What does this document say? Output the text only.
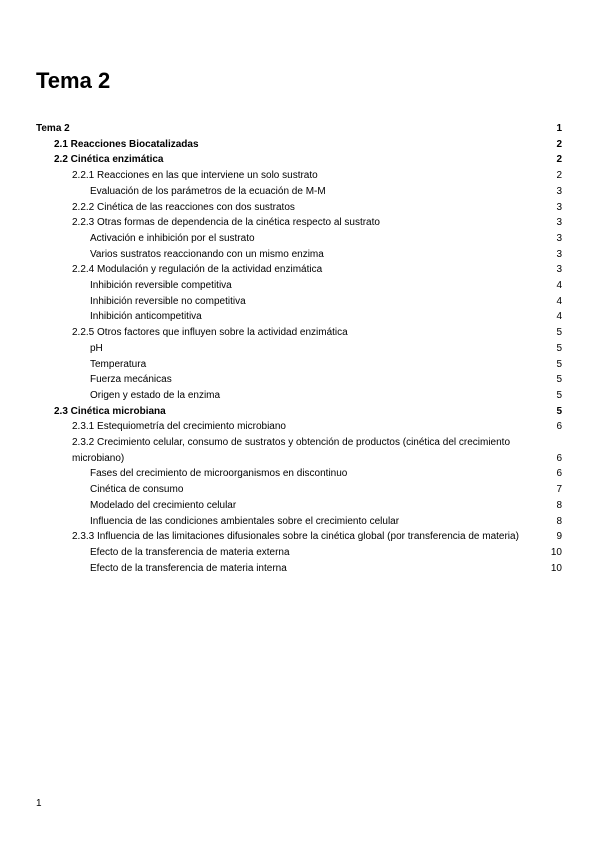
Tema 2
Tema 2	1
2.1 Reacciones Biocatalizadas	2
2.2 Cinética enzimática	2
2.2.1 Reacciones en las que interviene un solo sustrato	2
Evaluación de los parámetros de la ecuación de M-M	3
2.2.2 Cinética de las reacciones con dos sustratos	3
2.2.3 Otras formas de dependencia de la cinética respecto al sustrato	3
Activación e inhibición por el sustrato	3
Varios sustratos reaccionando con un mismo enzima	3
2.2.4 Modulación y regulación de la actividad enzimática	3
Inhibición reversible competitiva	4
Inhibición reversible no competitiva	4
Inhibición anticompetitiva	4
2.2.5 Otros factores que influyen sobre la actividad enzimática	5
pH	5
Temperatura	5
Fuerza mecánicas	5
Origen y estado de la enzima	5
2.3 Cinética microbiana	5
2.3.1 Estequiometría del crecimiento microbiano	6
2.3.2 Crecimiento celular, consumo de sustratos y obtención de productos (cinética del crecimiento microbiano)	6
Fases del crecimiento de microorganismos en discontinuo	6
Cinética de consumo	7
Modelado del crecimiento celular	8
Influencia de las condiciones ambientales sobre el crecimiento celular	8
2.3.3 Influencia de las limitaciones difusionales sobre la cinética global (por transferencia de materia)	9
Efecto de la transferencia de materia externa	10
Efecto de la transferencia de materia interna	10
1
